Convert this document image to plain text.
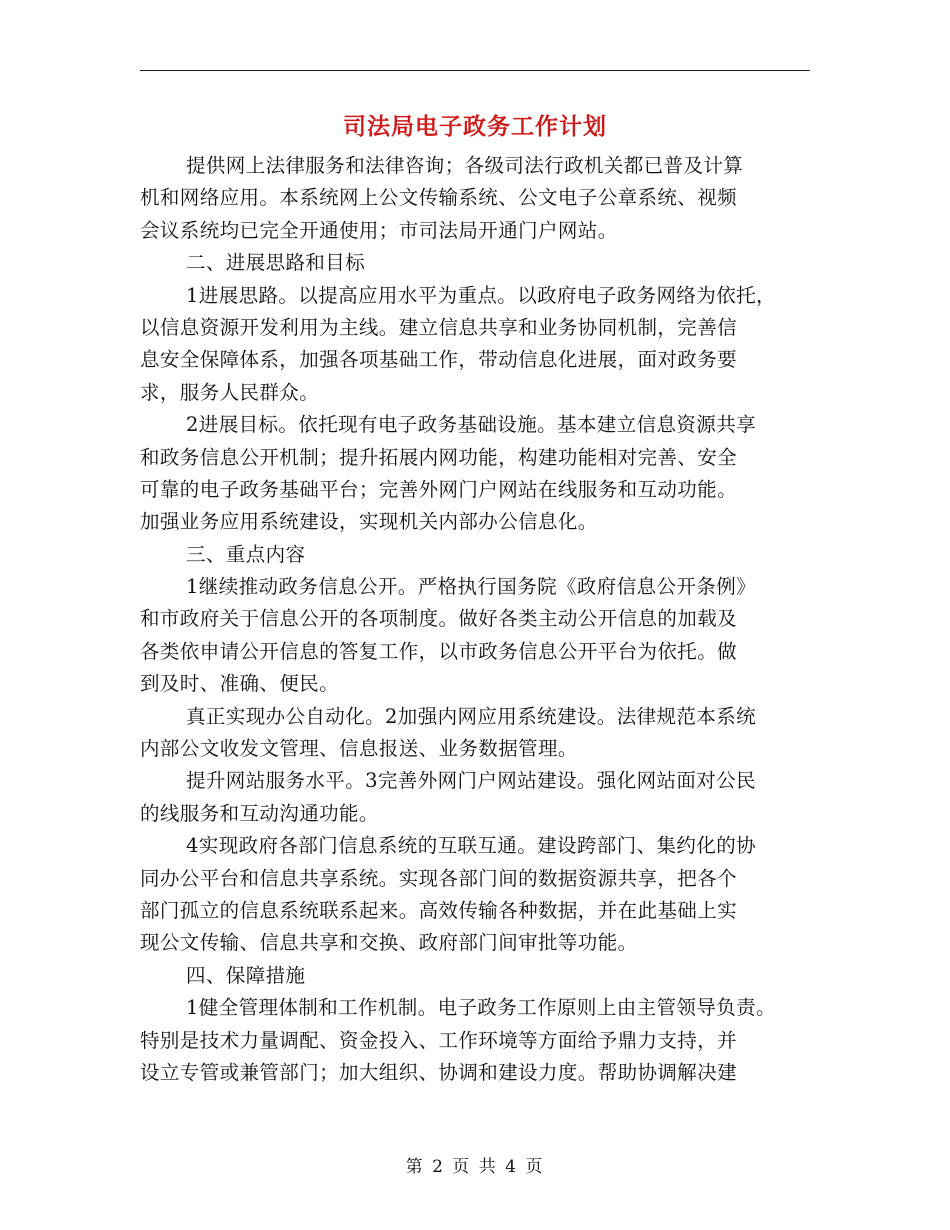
司法局电子政务工作计划
提供网上法律服务和法律咨询；各级司法行政机关都已普及计算
机和网络应用。本系统网上公文传输系统、公文电子公章系统、视频
会议系统均已完全开通使用；市司法局开通门户网站。
二、进展思路和目标
1进展思路。以提高应用水平为重点。以政府电子政务网络为依托，
以信息资源开发利用为主线。建立信息共享和业务协同机制，完善信
息安全保障体系，加强各项基础工作，带动信息化进展，面对政务要
求，服务人民群众。
2进展目标。依托现有电子政务基础设施。基本建立信息资源共享
和政务信息公开机制；提升拓展内网功能，构建功能相对完善、安全
可靠的电子政务基础平台；完善外网门户网站在线服务和互动功能。
加强业务应用系统建设，实现机关内部办公信息化。
三、重点内容
1继续推动政务信息公开。严格执行国务院《政府信息公开条例》
和市政府关于信息公开的各项制度。做好各类主动公开信息的加载及
各类依申请公开信息的答复工作，以市政务信息公开平台为依托。做
到及时、准确、便民。
真正实现办公自动化。2加强内网应用系统建设。法律规范本系统
内部公文收发文管理、信息报送、业务数据管理。
提升网站服务水平。3完善外网门户网站建设。强化网站面对公民
的线服务和互动沟通功能。
4实现政府各部门信息系统的互联互通。建设跨部门、集约化的协
同办公平台和信息共享系统。实现各部门间的数据资源共享，把各个
部门孤立的信息系统联系起来。高效传输各种数据，并在此基础上实
现公文传输、信息共享和交换、政府部门间审批等功能。
四、保障措施
1健全管理体制和工作机制。电子政务工作原则上由主管领导负责。
特别是技术力量调配、资金投入、工作环境等方面给予鼎力支持，并
设立专管或兼管部门；加大组织、协调和建设力度。帮助协调解决建
第 2 页 共 4 页
